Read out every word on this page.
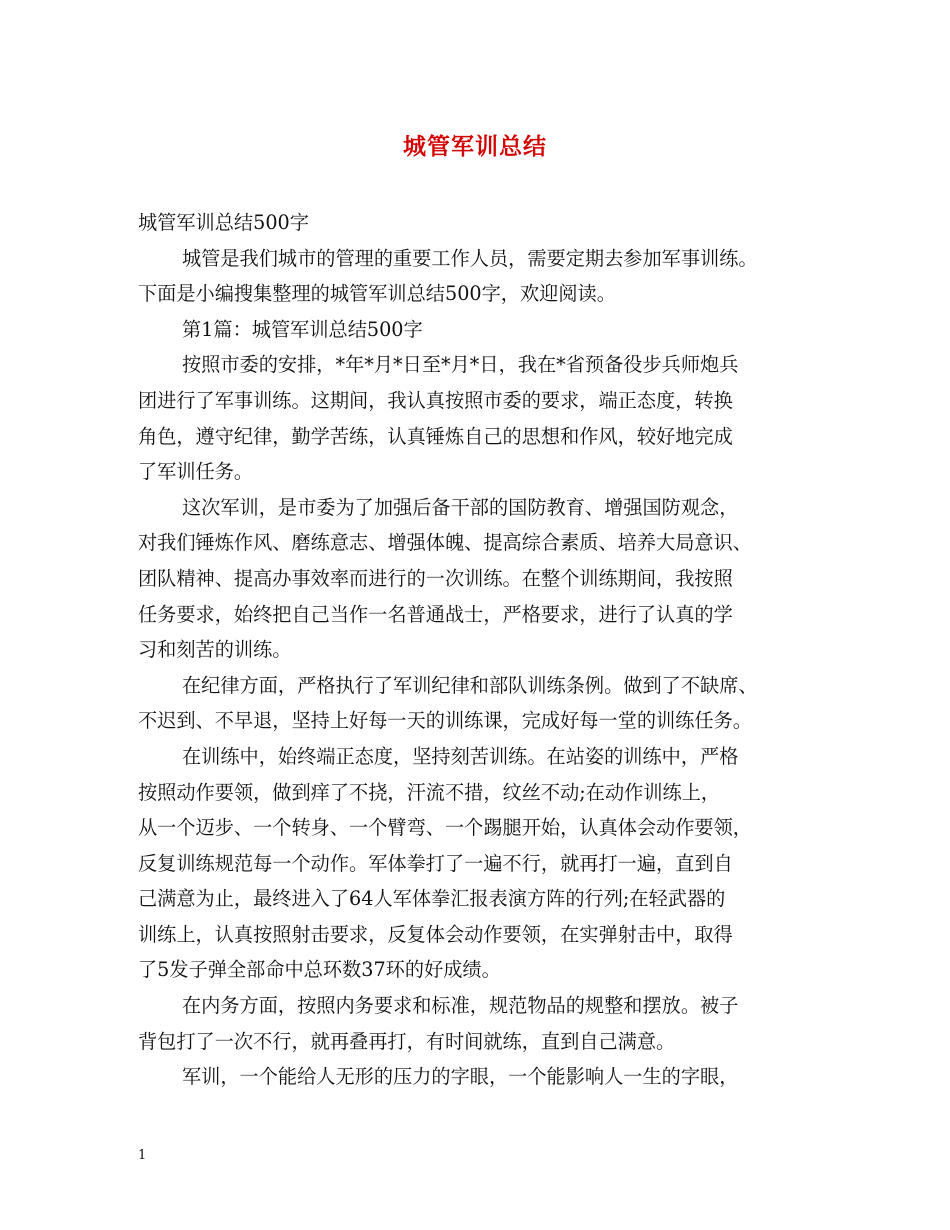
城管军训总结
城管军训总结500字
城管是我们城市的管理的重要工作人员，需要定期去参加军事训练。
下面是小编搜集整理的城管军训总结500字，欢迎阅读。
第1篇：城管军训总结500字
按照市委的安排，*年*月*日至*月*日，我在*省预备役步兵师炮兵
团进行了军事训练。这期间，我认真按照市委的要求，端正态度，转换
角色，遵守纪律，勤学苦练，认真锤炼自己的思想和作风，较好地完成
了军训任务。
这次军训，是市委为了加强后备干部的国防教育、增强国防观念，
对我们锤炼作风、磨练意志、增强体魄、提高综合素质、培养大局意识、
团队精神、提高办事效率而进行的一次训练。在整个训练期间，我按照
任务要求，始终把自己当作一名普通战士，严格要求，进行了认真的学
习和刻苦的训练。
在纪律方面，严格执行了军训纪律和部队训练条例。做到了不缺席、
不迟到、不早退，坚持上好每一天的训练课，完成好每一堂的训练任务。
在训练中，始终端正态度，坚持刻苦训练。在站姿的训练中，严格
按照动作要领，做到痒了不挠，汗流不措，纹丝不动;在动作训练上，
从一个迈步、一个转身、一个臂弯、一个踢腿开始，认真体会动作要领，
反复训练规范每一个动作。军体拳打了一遍不行，就再打一遍，直到自
己满意为止，最终进入了64人军体拳汇报表演方阵的行列;在轻武器的
训练上，认真按照射击要求，反复体会动作要领，在实弹射击中，取得
了5发子弹全部命中总环数37环的好成绩。
在内务方面，按照内务要求和标准，规范物品的规整和摆放。被子
背包打了一次不行，就再叠再打，有时间就练，直到自己满意。
军训，一个能给人无形的压力的字眼，一个能影响人一生的字眼，
1
